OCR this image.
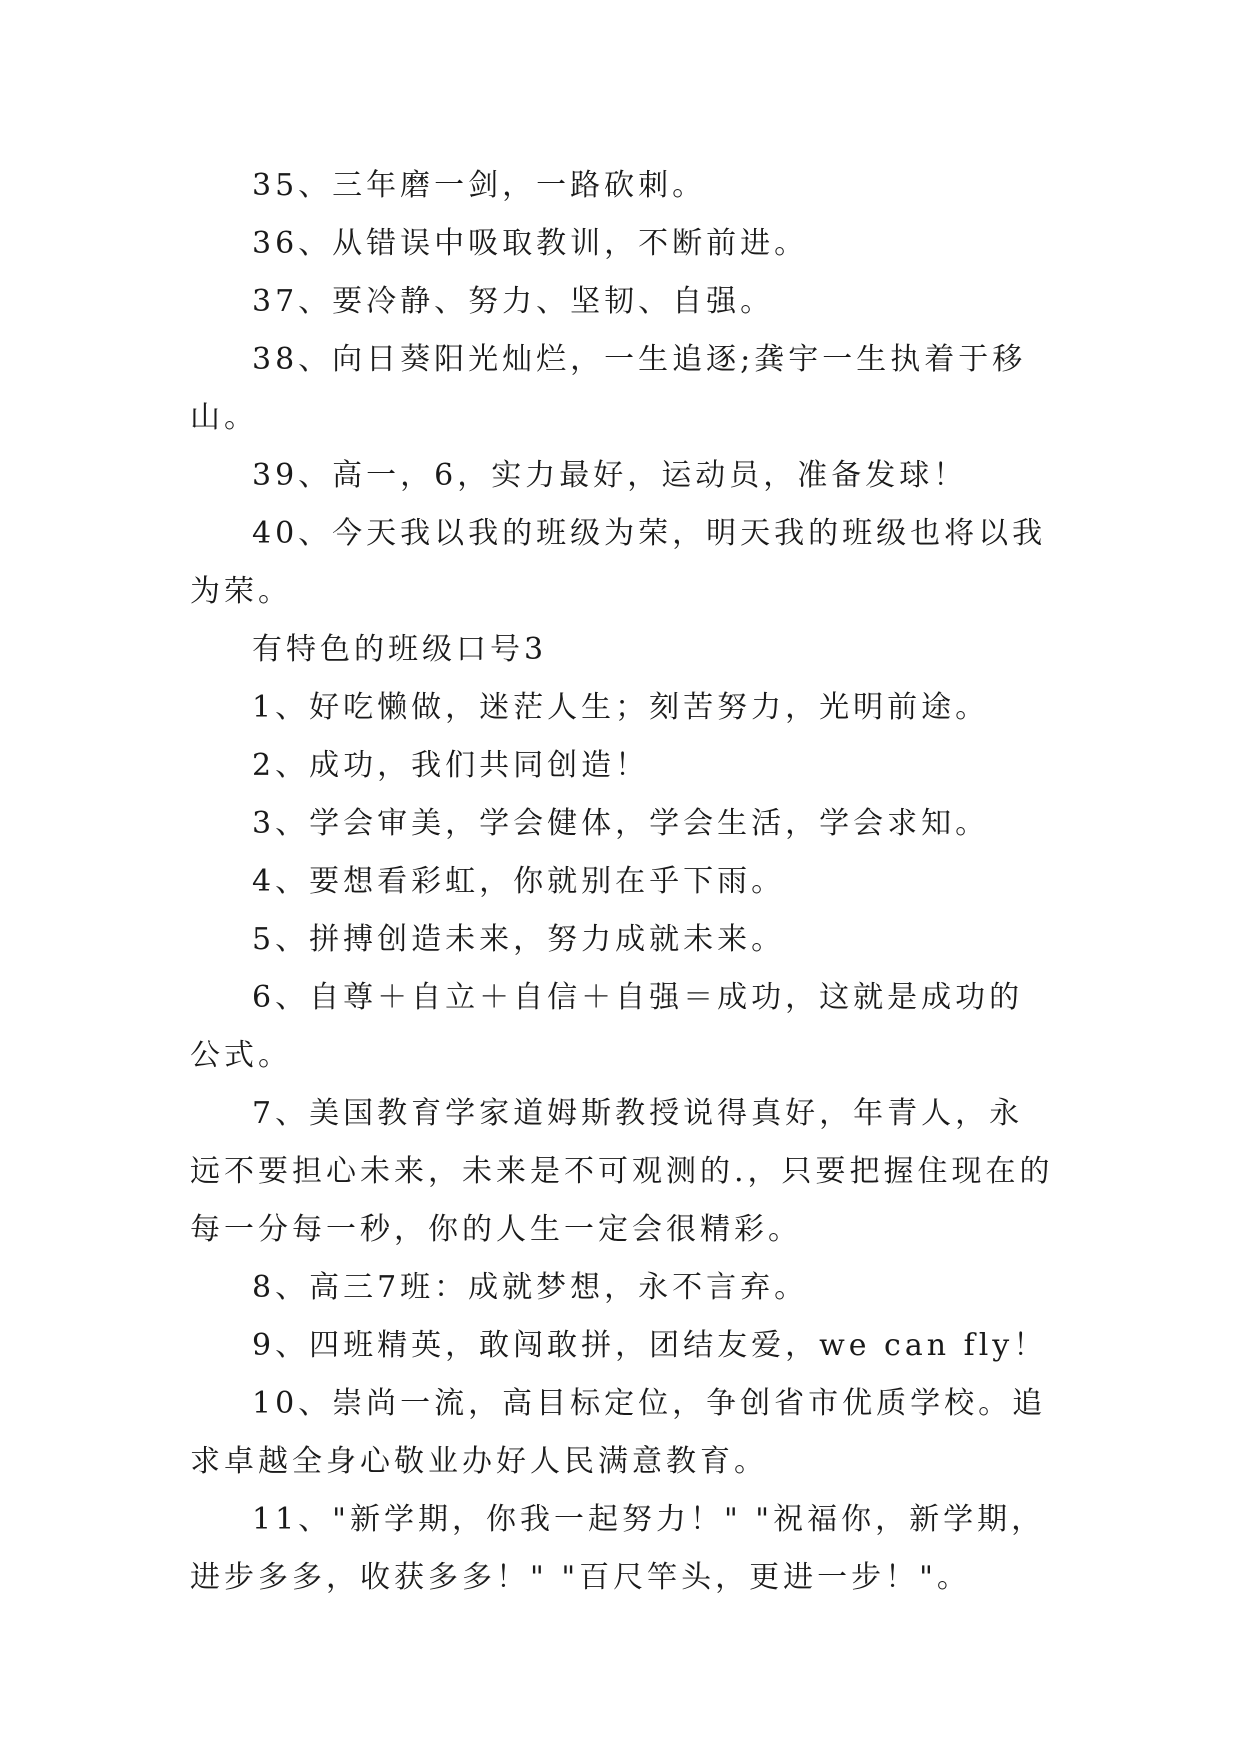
35、三年磨一剑，一路砍刺。

36、从错误中吸取教训，不断前进。

37、要冷静、努力、坚韧、自强。

38、向日葵阳光灿烂，一生追逐;龚宇一生执着于移山。

39、高一，6，实力最好，运动员，准备发球！

40、今天我以我的班级为荣，明天我的班级也将以我为荣。

有特色的班级口号3

1、好吃懒做，迷茫人生；刻苦努力，光明前途。

2、成功，我们共同创造！

3、学会审美，学会健体，学会生活，学会求知。

4、要想看彩虹，你就别在乎下雨。

5、拼搏创造未来，努力成就未来。

6、自尊＋自立＋自信＋自强＝成功，这就是成功的公式。

7、美国教育学家道姆斯教授说得真好，年青人，永远不要担心未来，未来是不可观测的.，只要把握住现在的每一分每一秒，你的人生一定会很精彩。

8、高三7班：成就梦想，永不言弃。

9、四班精英，敢闯敢拼，团结友爱，we can fly！

10、崇尚一流，高目标定位，争创省市优质学校。追求卓越全身心敬业办好人民满意教育。

11、"新学期，你我一起努力！" "祝福你，新学期，进步多多，收获多多！" "百尺竿头，更进一步！"。
